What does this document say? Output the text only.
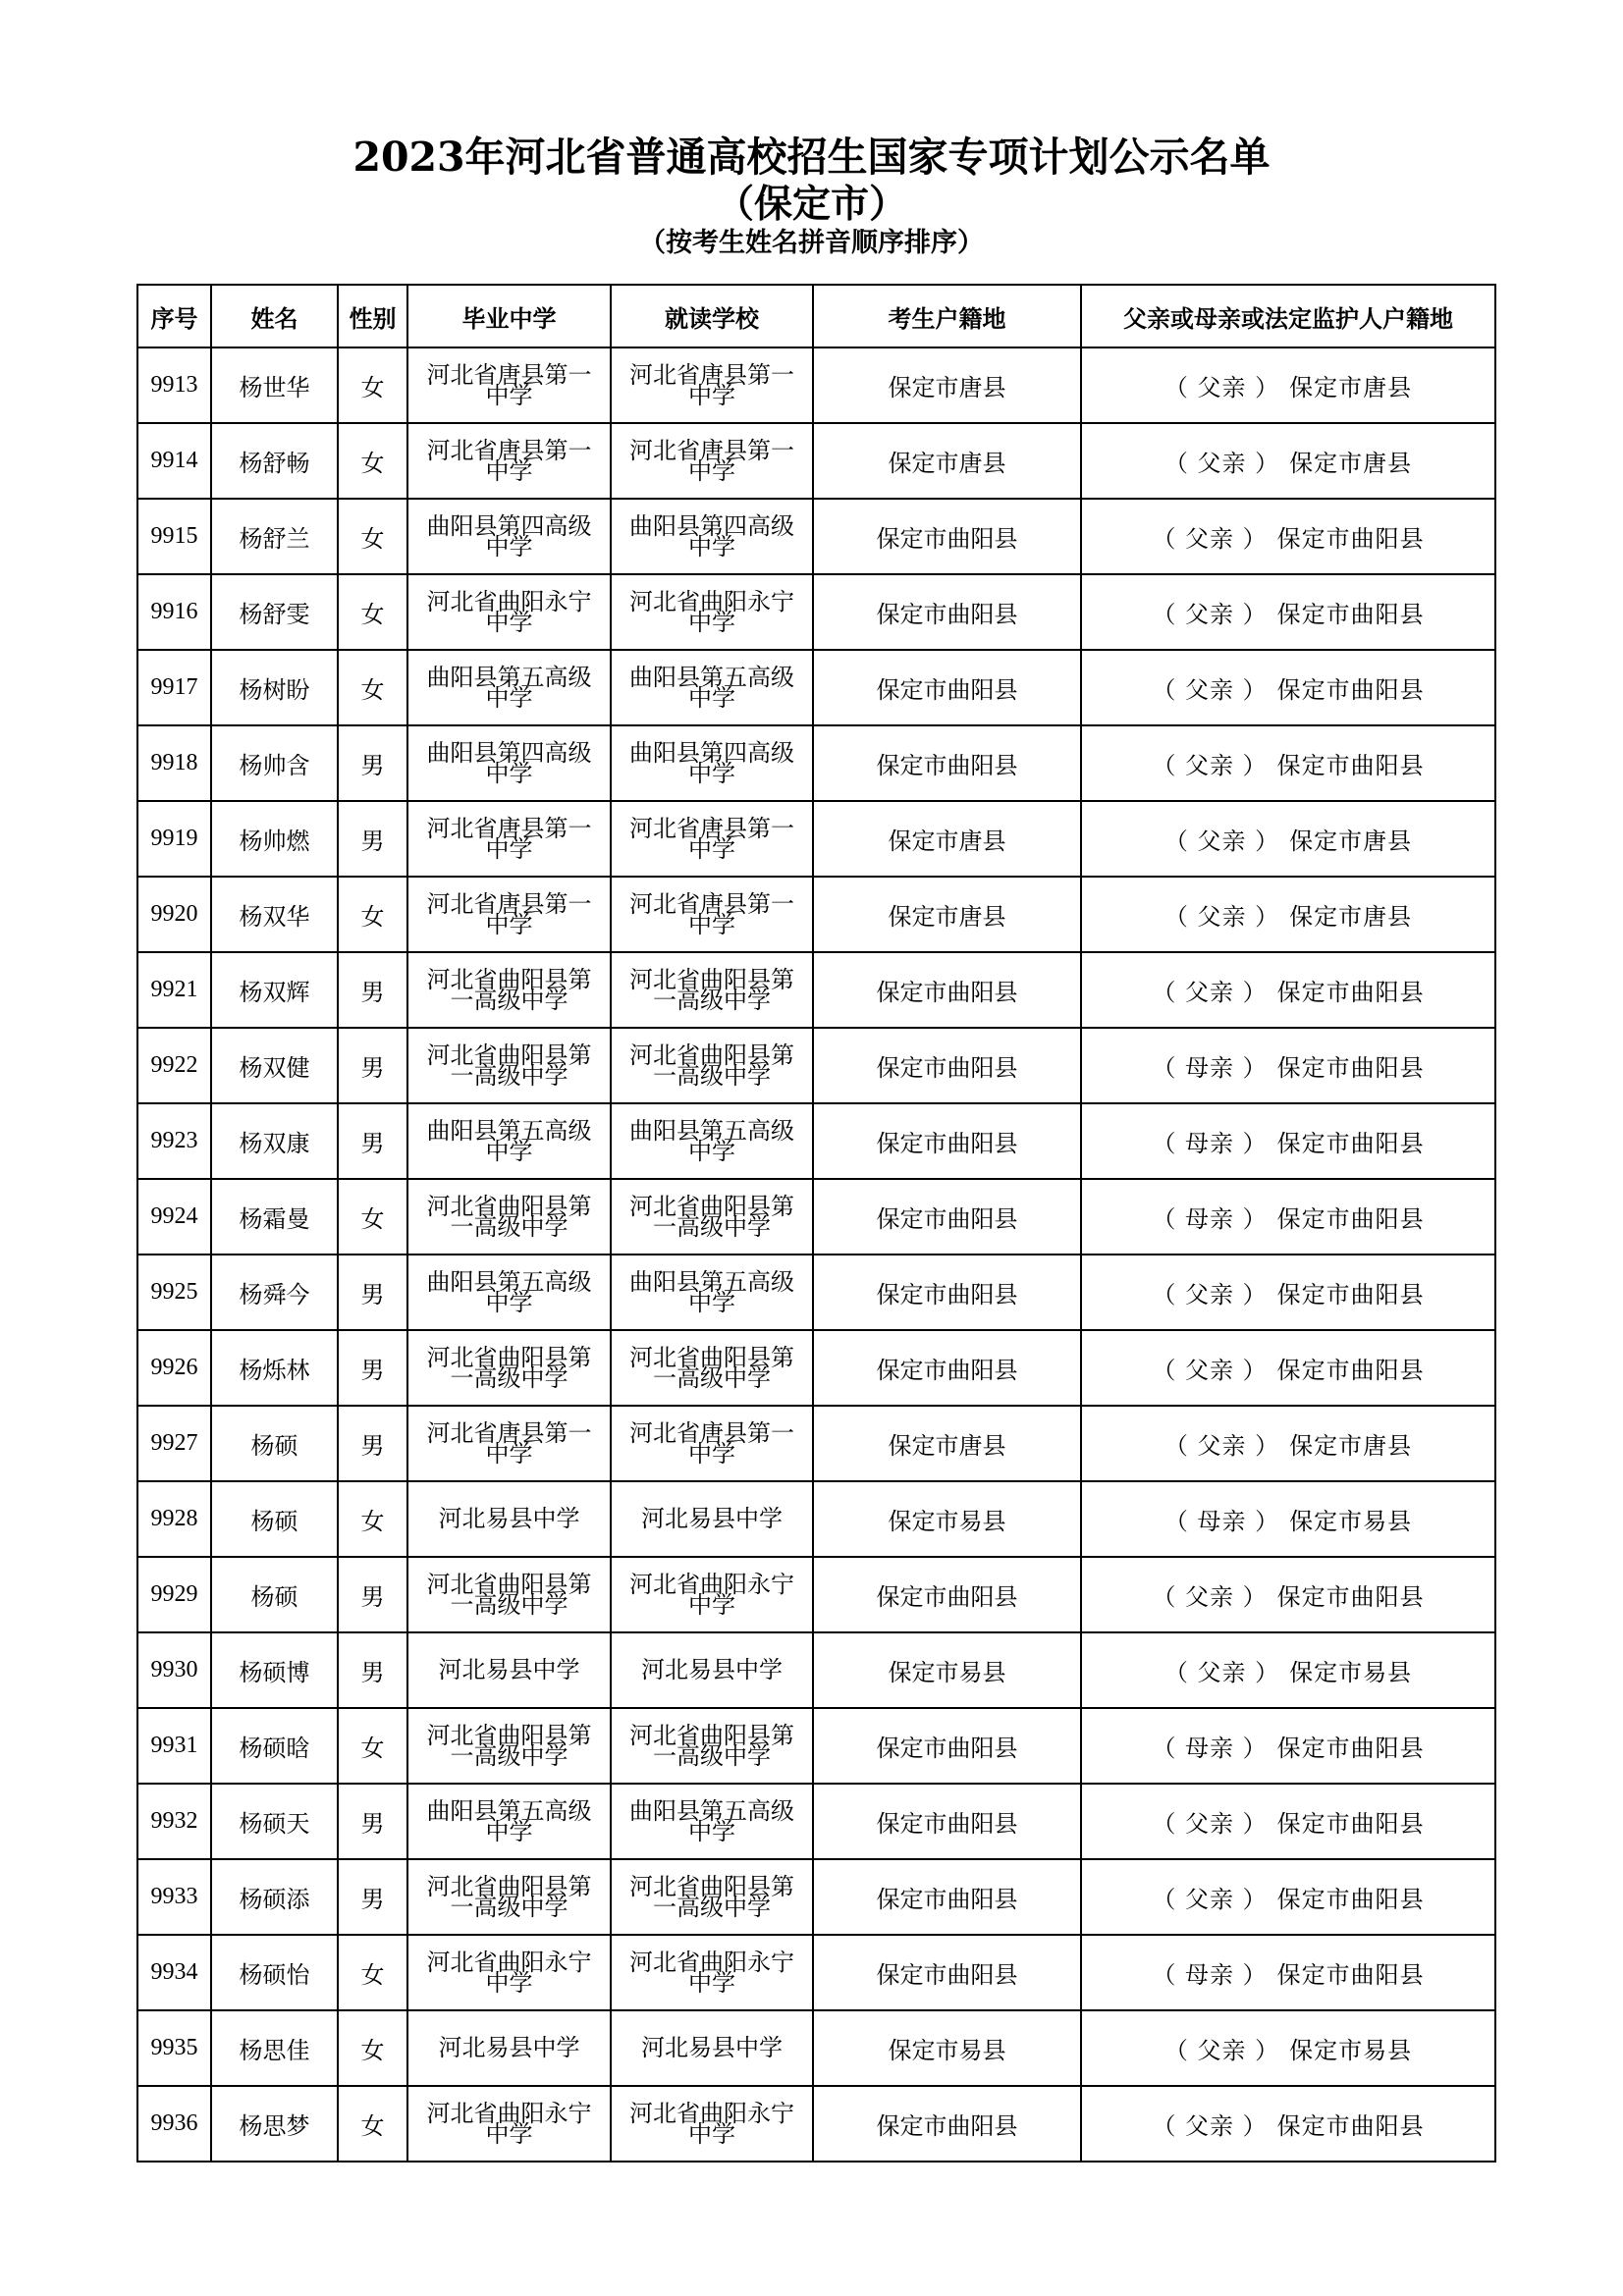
2023年河北省普通高校招生国家专项计划公示名单
（保定市）
（按考生姓名拼音顺序排序）
序号	姓名	性别	毕业中学	就读学校	考生户籍地	父亲或母亲或法定监护人户籍地
9913	杨世华	女	河北省唐县第一
中学	河北省唐县第一
中学	保定市唐县	（ 父亲 ） 保定市唐县
9914	杨舒畅	女	河北省唐县第一
中学	河北省唐县第一
中学	保定市唐县	（ 父亲 ） 保定市唐县
9915	杨舒兰	女	曲阳县第四高级
中学	曲阳县第四高级
中学	保定市曲阳县	（ 父亲 ） 保定市曲阳县
9916	杨舒雯	女	河北省曲阳永宁
中学	河北省曲阳永宁
中学	保定市曲阳县	（ 父亲 ） 保定市曲阳县
9917	杨树盼	女	曲阳县第五高级
中学	曲阳县第五高级
中学	保定市曲阳县	（ 父亲 ） 保定市曲阳县
9918	杨帅含	男	曲阳县第四高级
中学	曲阳县第四高级
中学	保定市曲阳县	（ 父亲 ） 保定市曲阳县
9919	杨帅燃	男	河北省唐县第一
中学	河北省唐县第一
中学	保定市唐县	（ 父亲 ） 保定市唐县
9920	杨双华	女	河北省唐县第一
中学	河北省唐县第一
中学	保定市唐县	（ 父亲 ） 保定市唐县
9921	杨双辉	男	河北省曲阳县第
一高级中学	河北省曲阳县第
一高级中学	保定市曲阳县	（ 父亲 ） 保定市曲阳县
9922	杨双健	男	河北省曲阳县第
一高级中学	河北省曲阳县第
一高级中学	保定市曲阳县	（ 母亲 ） 保定市曲阳县
9923	杨双康	男	曲阳县第五高级
中学	曲阳县第五高级
中学	保定市曲阳县	（ 母亲 ） 保定市曲阳县
9924	杨霜曼	女	河北省曲阳县第
一高级中学	河北省曲阳县第
一高级中学	保定市曲阳县	（ 母亲 ） 保定市曲阳县
9925	杨舜今	男	曲阳县第五高级
中学	曲阳县第五高级
中学	保定市曲阳县	（ 父亲 ） 保定市曲阳县
9926	杨烁林	男	河北省曲阳县第
一高级中学	河北省曲阳县第
一高级中学	保定市曲阳县	（ 父亲 ） 保定市曲阳县
9927	杨硕	男	河北省唐县第一
中学	河北省唐县第一
中学	保定市唐县	（ 父亲 ） 保定市唐县
9928	杨硕	女	河北易县中学	河北易县中学	保定市易县	（ 母亲 ） 保定市易县
9929	杨硕	男	河北省曲阳县第
一高级中学	河北省曲阳永宁
中学	保定市曲阳县	（ 父亲 ） 保定市曲阳县
9930	杨硕博	男	河北易县中学	河北易县中学	保定市易县	（ 父亲 ） 保定市易县
9931	杨硕晗	女	河北省曲阳县第
一高级中学	河北省曲阳县第
一高级中学	保定市曲阳县	（ 母亲 ） 保定市曲阳县
9932	杨硕天	男	曲阳县第五高级
中学	曲阳县第五高级
中学	保定市曲阳县	（ 父亲 ） 保定市曲阳县
9933	杨硕添	男	河北省曲阳县第
一高级中学	河北省曲阳县第
一高级中学	保定市曲阳县	（ 父亲 ） 保定市曲阳县
9934	杨硕怡	女	河北省曲阳永宁
中学	河北省曲阳永宁
中学	保定市曲阳县	（ 母亲 ） 保定市曲阳县
9935	杨思佳	女	河北易县中学	河北易县中学	保定市易县	（ 父亲 ） 保定市易县
9936	杨思梦	女	河北省曲阳永宁
中学	河北省曲阳永宁
中学	保定市曲阳县	（ 父亲 ） 保定市曲阳县
